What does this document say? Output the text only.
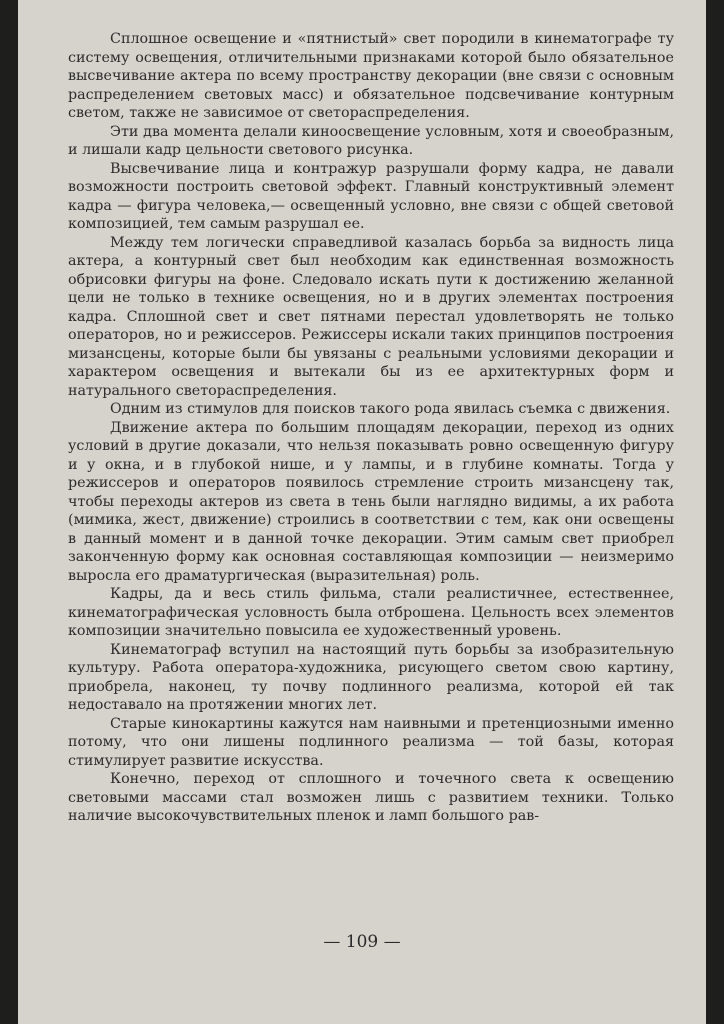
Сплошное освещение и «пятнистый» свет породили в кинематографе ту систему освещения, отличительными признаками которой было обязательное высвечивание актера по всему пространству декорации (вне связи с основным распределением световых масс) и обязательное подсвечивание контурным светом, также не зависимое от светораспределения.

Эти два момента делали киноосвещение условным, хотя и своеобразным, и лишали кадр цельности светового рисунка.

Высвечивание лица и контражур разрушали форму кадра, не давали возможности построить световой эффект. Главный конструктивный элемент кадра — фигура человека,— освещенный условно, вне связи с общей световой композицией, тем самым разрушал ее.

Между тем логически справедливой казалась борьба за видность лица актера, а контурный свет был необходим как единственная возможность обрисовки фигуры на фоне. Следовало искать пути к достижению желанной цели не только в технике освещения, но и в других элементах построения кадра. Сплошной свет и свет пятнами перестал удовлетворять не только операторов, но и режиссеров. Режиссеры искали таких принципов построения мизансцены, которые были бы увязаны с реальными условиями декорации и характером освещения и вытекали бы из ее архитектурных форм и натурального светораспределения.

Одним из стимулов для поисков такого рода явилась съемка с движения.

Движение актера по большим площадям декорации, переход из одних условий в другие доказали, что нельзя показывать ровно освещенную фигуру и у окна, и в глубокой нише, и у лампы, и в глубине комнаты. Тогда у режиссеров и операторов появилось стремление строить мизансцену так, чтобы переходы актеров из света в тень были наглядно видимы, а их работа (мимика, жест, движение) строились в соответствии с тем, как они освещены в данный момент и в данной точке декорации. Этим самым свет приобрел законченную форму как основная составляющая композиции — неизмеримо выросла его драматургическая (выразительная) роль.

Кадры, да и весь стиль фильма, стали реалистичнее, естественнее, кинематографическая условность была отброшена. Цельность всех элементов композиции значительно повысила ее художественный уровень.

Кинематограф вступил на настоящий путь борьбы за изобразительную культуру. Работа оператора-художника, рисующего светом свою картину, приобрела, наконец, ту почву подлинного реализма, которой ей так недоставало на протяжении многих лет.

Старые кинокартины кажутся нам наивными и претенциозными именно потому, что они лишены подлинного реализма — той базы, которая стимулирует развитие искусства.

Конечно, переход от сплошного и точечного света к освещению световыми массами стал возможен лишь с развитием техники. Только наличие высокочувствительных пленок и ламп большого рав-

— 109 —
